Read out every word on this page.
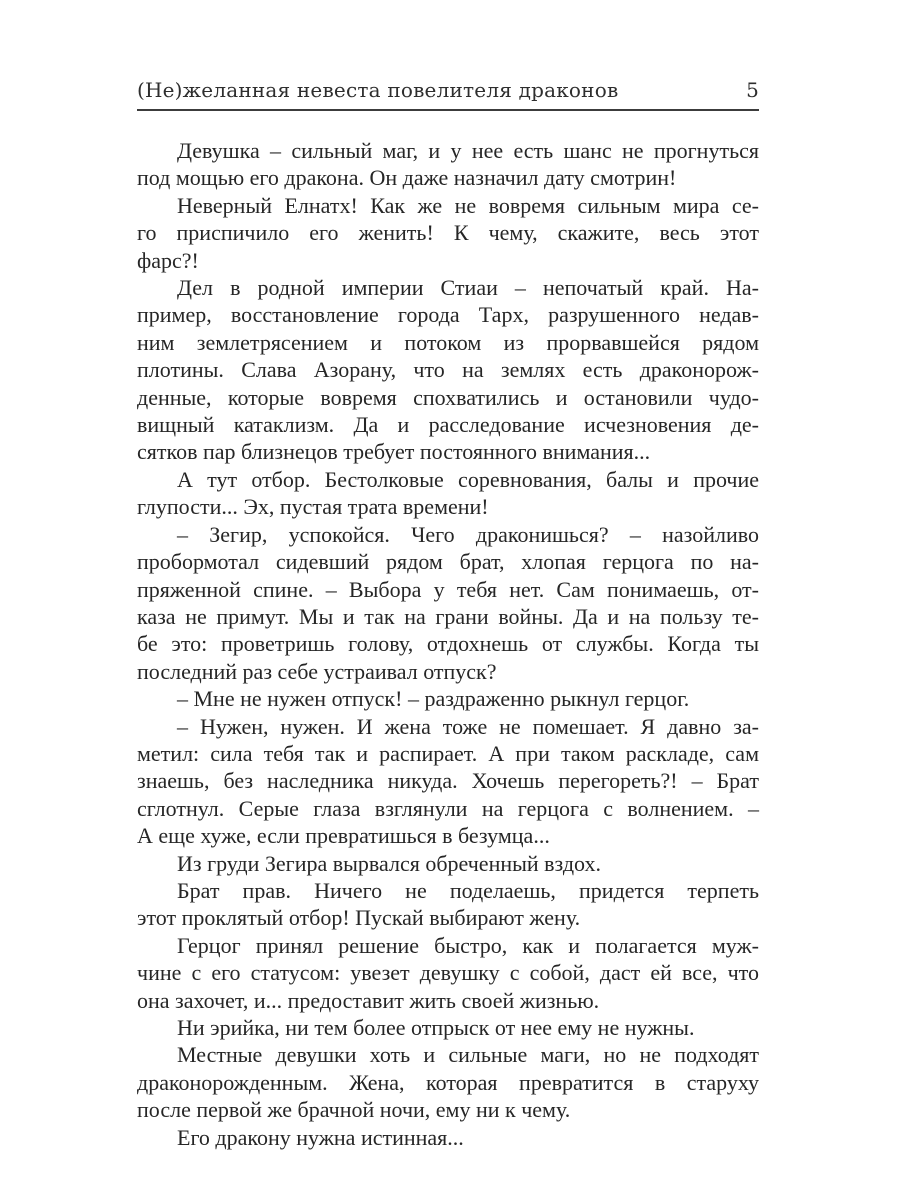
(Не)желанная невеста повелителя драконов	5
Девушка – сильный маг, и у нее есть шанс не прогнуться
под мощью его дракона. Он даже назначил дату смотрин!
Неверный Елнатх! Как же не вовремя сильным мира се-
го приспичило его женить! К чему, скажите, весь этот
фарс?!
Дел в родной империи Стиаи – непочатый край. На-
пример, восстановление города Тарх, разрушенного недав-
ним землетрясением и потоком из прорвавшейся рядом
плотины. Слава Азорану, что на землях есть драконорож-
денные, которые вовремя спохватились и остановили чудо-
вищный катаклизм. Да и расследование исчезновения де-
сятков пар близнецов требует постоянного внимания...
А тут отбор. Бестолковые соревнования, балы и прочие
глупости... Эх, пустая трата времени!
– Зегир, успокойся. Чего драконишься? – назойливо
пробормотал сидевший рядом брат, хлопая герцога по на-
пряженной спине. – Выбора у тебя нет. Сам понимаешь, от-
каза не примут. Мы и так на грани войны. Да и на пользу те-
бе это: проветришь голову, отдохнешь от службы. Когда ты
последний раз себе устраивал отпуск?
– Мне не нужен отпуск! – раздраженно рыкнул герцог.
– Нужен, нужен. И жена тоже не помешает. Я давно за-
метил: сила тебя так и распирает. А при таком раскладе, сам
знаешь, без наследника никуда. Хочешь перегореть?! – Брат
сглотнул. Серые глаза взглянули на герцога с волнением. –
А еще хуже, если превратишься в безумца...
Из груди Зегира вырвался обреченный вздох.
Брат прав. Ничего не поделаешь, придется терпеть
этот проклятый отбор! Пускай выбирают жену.
Герцог принял решение быстро, как и полагается муж-
чине с его статусом: увезет девушку с собой, даст ей все, что
она захочет, и... предоставит жить своей жизнью.
Ни эрийка, ни тем более отпрыск от нее ему не нужны.
Местные девушки хоть и сильные маги, но не подходят
драконорожденным. Жена, которая превратится в старуху
после первой же брачной ночи, ему ни к чему.
Его дракону нужна истинная...
